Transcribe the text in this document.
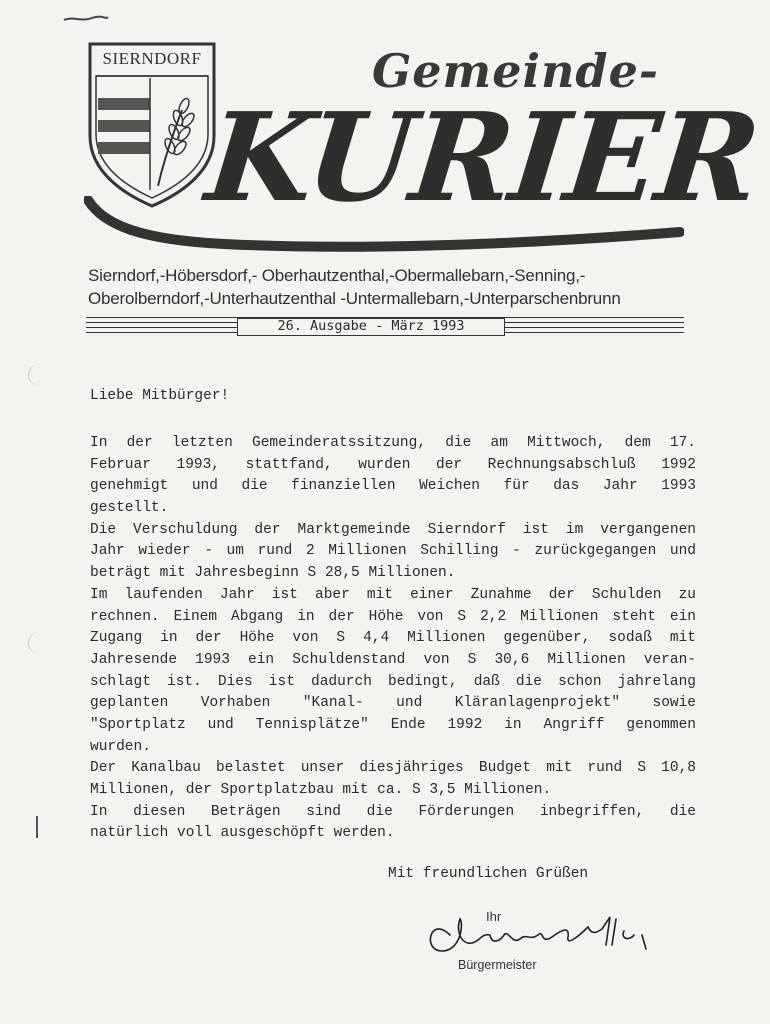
SIERNDORF	Gemeinde-
KURIER
Sierndorf,-Höbersdorf,- Oberhautzenthal,-Obermallebarn,-Senning,-
Oberolberndorf,-Unterhautzenthal -Untermallebarn,-Unterparschenbrunn
26. Ausgabe - März 1993
Liebe Mitbürger!
In der letzten Gemeinderatssitzung, die am Mittwoch, dem 17.
Februar 1993, stattfand, wurden der Rechnungsabschluß 1992
genehmigt und die finanziellen Weichen für das Jahr 1993
gestellt.
Die Verschuldung der Marktgemeinde Sierndorf ist im vergangenen
Jahr wieder - um rund 2 Millionen Schilling - zurückgegangen und
beträgt mit Jahresbeginn S 28,5 Millionen.
Im laufenden Jahr ist aber mit einer Zunahme der Schulden zu
rechnen. Einem Abgang in der Höhe von S 2,2 Millionen steht ein
Zugang in der Höhe von S 4,4 Millionen gegenüber, sodaß mit
Jahresende 1993 ein Schuldenstand von S 30,6 Millionen veran-
schlagt ist. Dies ist dadurch bedingt, daß die schon jahrelang
geplanten Vorhaben "Kanal- und Kläranlagenprojekt" sowie
"Sportplatz und Tennisplätze" Ende 1992 in Angriff genommen
wurden.
Der Kanalbau belastet unser diesjähriges Budget mit rund S 10,8
Millionen, der Sportplatzbau mit ca. S 3,5 Millionen.
In diesen Beträgen sind die Förderungen inbegriffen, die
natürlich voll ausgeschöpft werden.
Mit freundlichen Grüßen
Ihr
Bürgermeister
